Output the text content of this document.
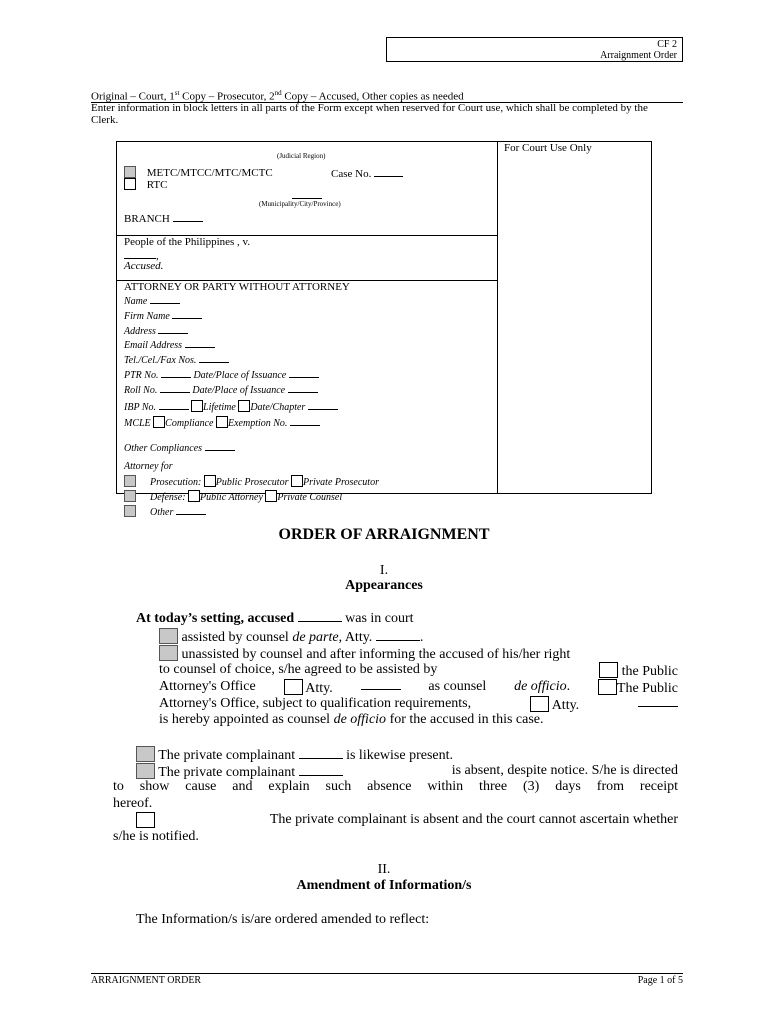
CF 2
Arraignment Order
Original – Court, 1st Copy – Prosecutor, 2nd Copy – Accused, Other copies as needed
Enter information in block letters in all parts of the Form except when reserved for Court use, which shall be completed by the Clerk.
For Court Use Only
(Judicial Region)
METC/MTCC/MTC/MCTC	Case No.
RTC
(Municipality/City/Province)
BRANCH
People of the Philippines , v.
,
Accused.
ATTORNEY OR PARTY WITHOUT ATTORNEY
Name
Firm Name
Address
Email Address
Tel./Cel./Fax Nos.
PTR No.	Date/Place of Issuance
Roll No.	Date/Place of Issuance
IBP No.	Lifetime Date/Chapter
MCLE Compliance Exemption No.
Other Compliances
Attorney for
Prosecution: Public Prosecutor Private Prosecutor
Defense: Public Attorney Private Counsel
Other
ORDER OF ARRAIGNMENT
I.
Appearances
At today’s setting, accused	was in court
assisted by counsel de parte, Atty.	.
unassisted by counsel and after informing the accused of his/her right
to counsel of choice, s/he agreed to be assisted by	the Public
Attorney's Office	Atty.	as counsel de officio.	The Public
Attorney's Office, subject to qualification requirements,	Atty.
is hereby appointed as counsel de officio for the accused in this case.
The private complainant	is likewise present.
The private complainant	is absent, despite notice. S/he is directed
to show cause and explain such absence within three (3) days from receipt
hereof.
The private complainant is absent and the court cannot ascertain whether
s/he is notified.
II.
Amendment of Information/s
The Information/s is/are ordered amended to reflect:
ARRAIGNMENT ORDER	Page 1 of 5
